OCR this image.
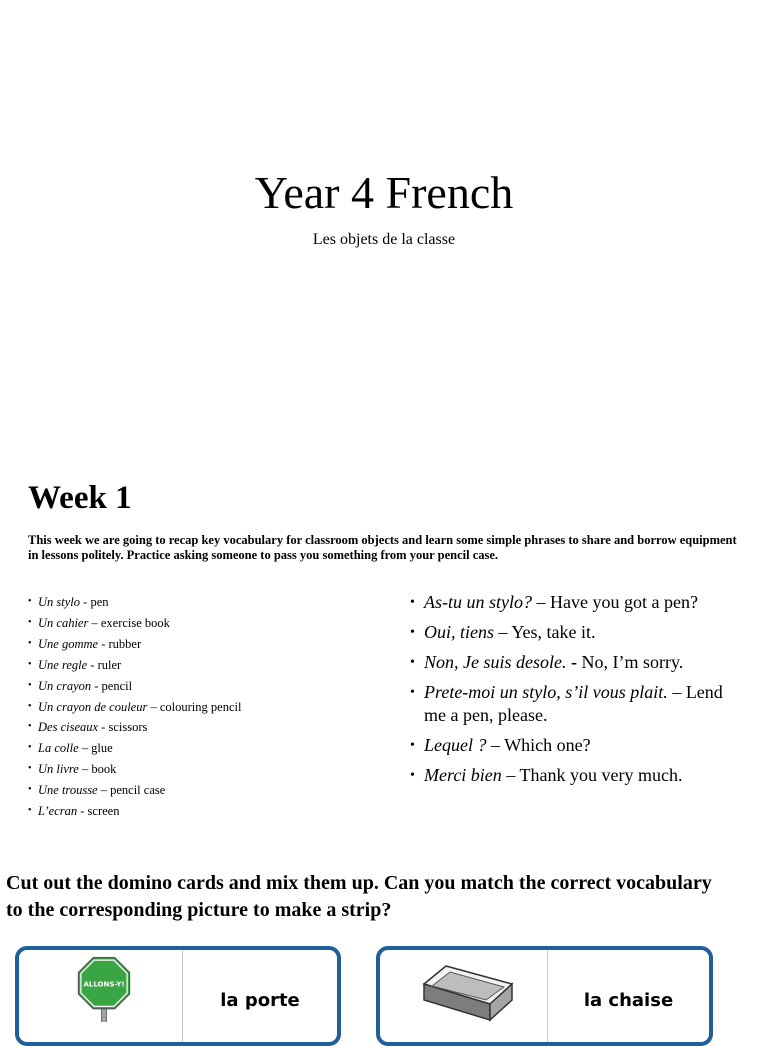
Year 4 French
Les objets de la classe
Week 1
This week we are going to recap key vocabulary for classroom objects and learn some simple phrases to share and borrow equipment in lessons politely. Practice asking someone to pass you something from your pencil case.
• Un stylo - pen
• Un cahier – exercise book
• Une gomme - rubber
• Une regle - ruler
• Un crayon - pencil
• Un crayon de couleur – colouring pencil
• Des ciseaux - scissors
• La colle – glue
• Un livre – book
• Une trousse – pencil case
• L’ecran - screen
• As-tu un stylo? – Have you got a pen?
• Oui, tiens – Yes, take it.
• Non, Je suis desole. - No, I’m sorry.
• Prete-moi un stylo, s’il vous plait. – Lend me a pen, please.
• Lequel ? – Which one?
• Merci bien – Thank you very much.
Cut out the domino cards and mix them up. Can you match the correct vocabulary to the corresponding picture to make a strip?
ALLONS-Y!
la porte	la chaise
